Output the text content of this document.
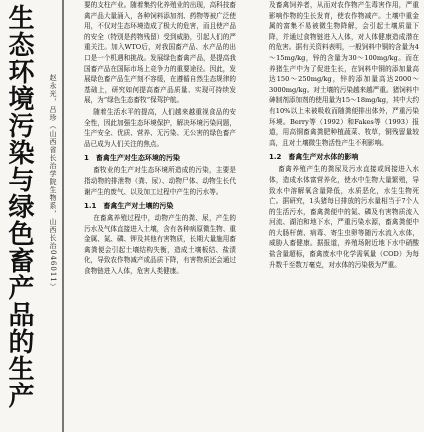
生态环境污染与绿色畜产品的生产 赵永光，吕珍（山西省长治学院生物系，山西长治046011）

要的支柱产业。随着集约化养殖业的出现，高科技畜禽产品大量涌入，各种饲料添加剂、药物等被广泛使用，不仅对生态环境造成了极大的危害，而且使产品的安全（特别是药物残留）受到威胁，引起人们的严重关注。加入WTO后，对我国畜产品、水产品的出口是一个机遇和挑战。发展绿色畜禽产品，是提高我国畜产品在国际市场上竞争力的重要途径。因此，发展绿色畜产品生产刻不容缓，在遵循自然生态规律的基础上，研究如何提高畜产品质量、实现可持续发展，为“绿色生态畜牧”保驾护航。

随着生活水平的提高，人们越来越重视食品的安全性，因此加强生态环境保护，解决环境污染问题，生产安全、优质、营养、无污染、无公害的绿色畜产品已成为人们关注的焦点。

1　畜禽生产对生态环境的污染

畜牧业的生产对生态环境所造成的污染，主要是指动物的排泄物（粪、尿）、动物尸体、动物生长代谢产生的废气、以及加工过程中产生的污水等。

1.1　畜禽生产对土壤的污染

在畜禽养殖过程中，动物产生的粪、尿，产生的污水及气体直接进入土壤，含有各种病原微生物、重金属、氮、磷、钾及其他有害物质，长期大量施用畜禽粪便会引起土壤结构失衡，造成土壤板结、盐渍化，导致农作物减产或品质下降，有害物质还会通过食物链进入人体，危害人类健康。

及畜禽饲养者，从而对农作物产生毒害作用，严重影响作物的生长发育，使农作物减产。土壤中重金属的富集不易被微生物降解，会引起土壤质量下降，并通过食物链进入人体，对人体健康造成潜在的危害。据有关资料表明，一般饲料中铜的含量为4～15mg/kg，锌的含量为30～100mg/kg。而在养猪生产中为了促进生长，在饲料中铜的添加量高达150～250mg/kg，锌的添加量高达2000～3000mg/kg。对土壤的污染越来越严重。猪饲料中砷制剂添加剂的使用量为15～18mg/kg，其中大约有10%以上未被吸收而随粪便排出体外，严重污染环境。Berry等（1992）和Fakes等（1993）报道，用高铜畜禽粪肥种植蔬菜、牧草，铜残留量较高，且对土壤微生物活性产生不利影响。

1.2　畜禽生产对水体的影响

畜禽养殖产生的粪尿及污水直接或间接进入水体，造成水体富营养化，使水中生物大量繁殖，导致水中溶解氧含量降低，水质恶化，水生生物死亡。据研究，1头猪每日排放的污水量相当于7个人的生活污水，畜禽粪便中的氮、磷及有害物质流入河流、湖泊和地下水，严重污染水源，畜禽粪便中的大肠杆菌、病毒、寄生虫卵等随污水流入水体，威胁人畜健康。据报道，养殖场附近地下水中硝酸盐含量超标，畜禽废水中化学需氧量（COD）为每升数千至数万毫克，对水体的污染极为严重。
